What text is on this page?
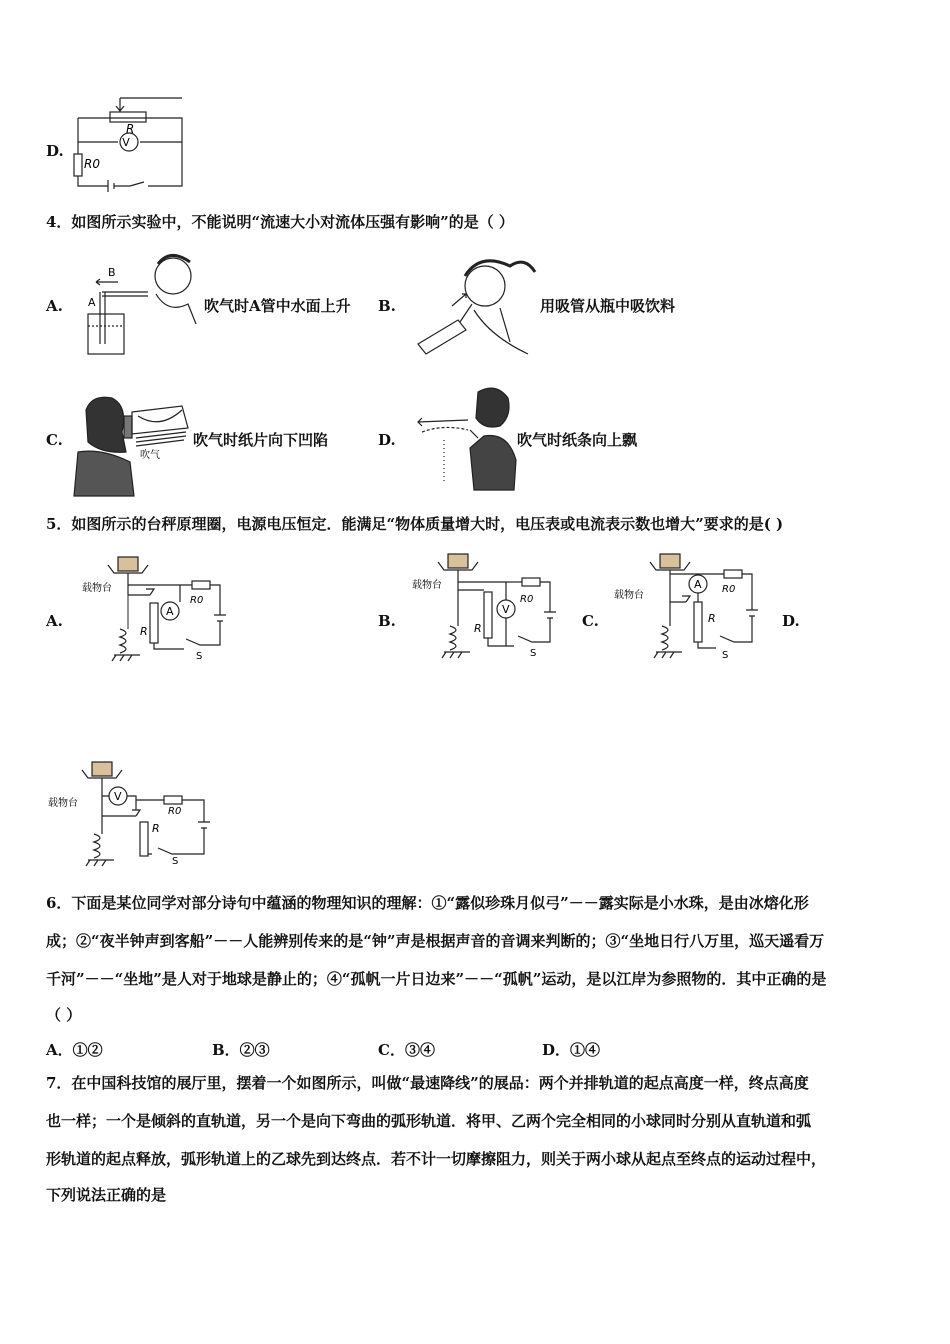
D.	V
R
R0
4．如图所示实验中，不能说明“流速大小对流体压强有影响”的是（ ）
A. A
B
吹气时A管中水面上升 B.	用吸管从瓶中吸饮料
C.
吹气
吹气时纸片向下凹陷	D.	吹气时纸条向上飘
5．如图所示的台秤原理圈，电源电压恒定．能满足“物体质量增大时，电压表或电流表示数也增大”要求的是( )
A.
A
R
R0
S
载物台
B.
V
R
R0
S
载物台
C.
A
R
R0
S
载物台
D.
V
R
R0
S
载物台
6．下面是某位同学对部分诗句中蕴涵的物理知识的理解：①“露似珍珠月似弓”－－露实际是小水珠，是由冰熔化形
成；②“夜半钟声到客船”－－人能辨别传来的是“钟”声是根据声音的音调来判断的；③“坐地日行八万里，巡天遥看万
千河”－－“坐地”是人对于地球是静止的；④“孤帆一片日边来”－－“孤帆”运动，是以江岸为参照物的．其中正确的是
（ ）
A．①②	B．②③	C．③④	D．①④
7．在中国科技馆的展厅里，摆着一个如图所示，叫做“最速降线”的展品：两个并排轨道的起点高度一样，终点高度
也一样；一个是倾斜的直轨道，另一个是向下弯曲的弧形轨道．将甲、乙两个完全相同的小球同时分别从直轨道和弧
形轨道的起点释放，弧形轨道上的乙球先到达终点．若不计一切摩擦阻力，则关于两小球从起点至终点的运动过程中，
下列说法正确的是
